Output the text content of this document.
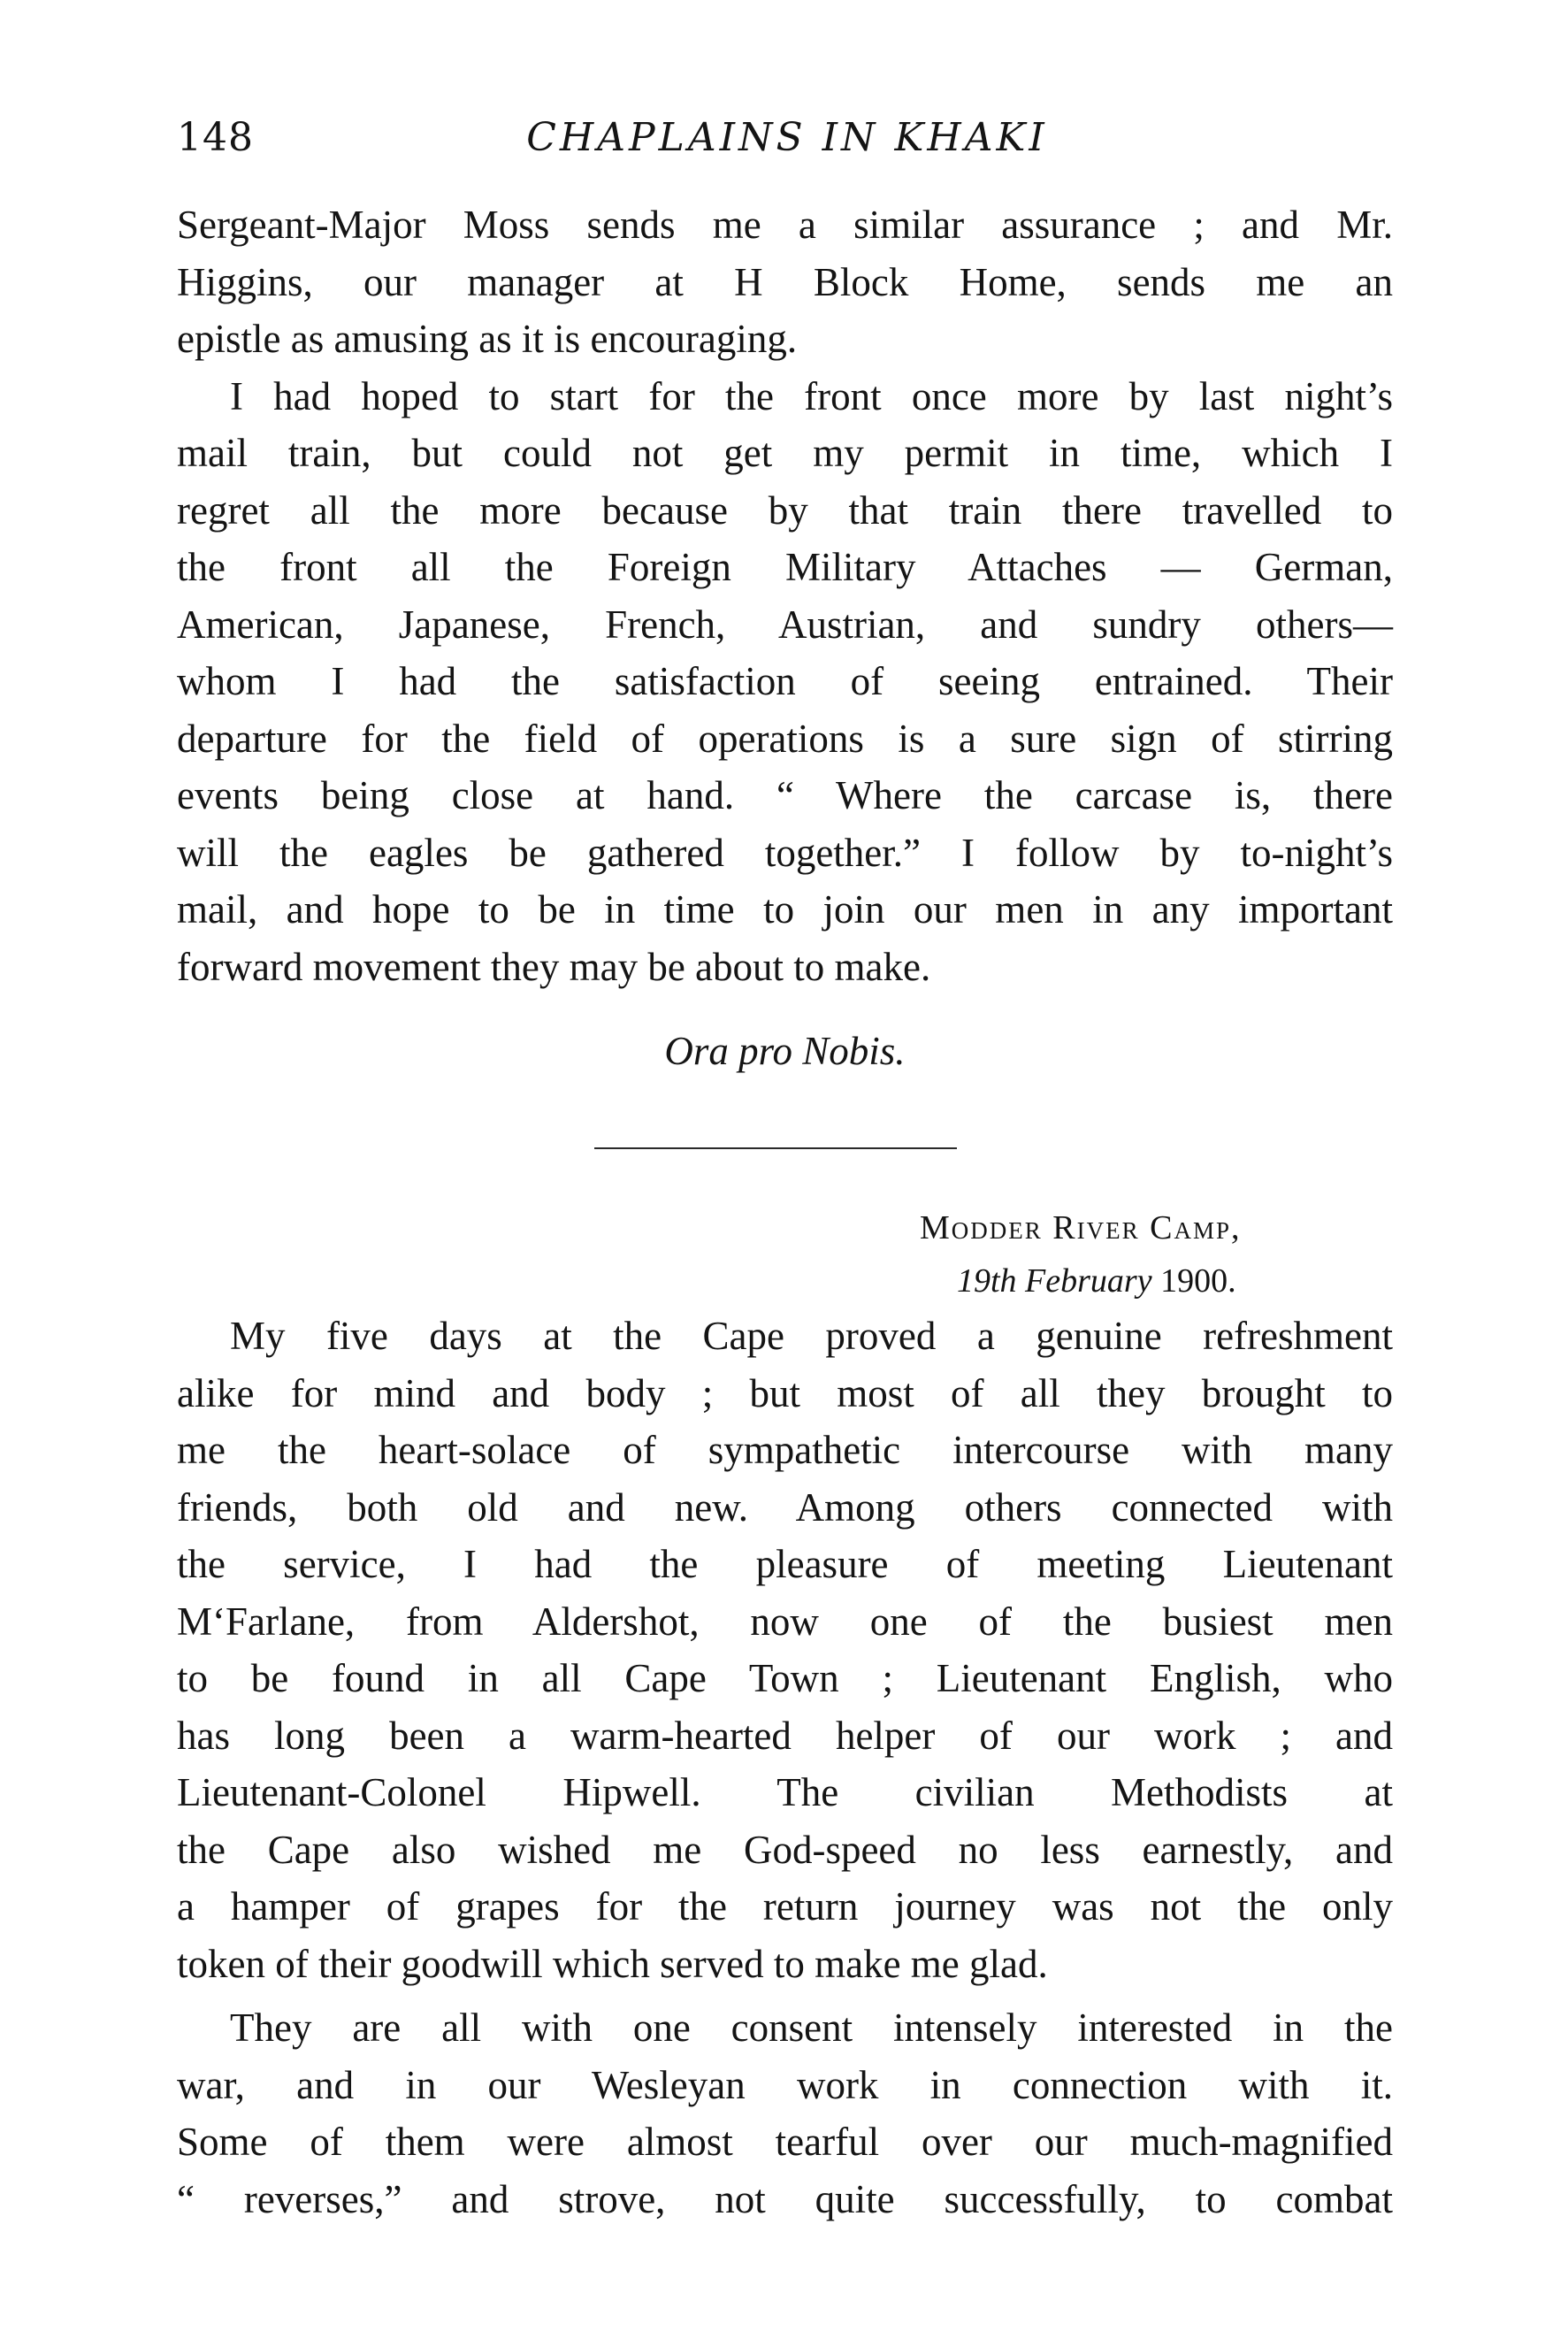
148	CHAPLAINS IN KHAKI
Sergeant-Major Moss sends me a similar assurance ; and Mr.
Higgins, our manager at H Block Home, sends me an
epistle as amusing as it is encouraging.
I had hoped to start for the front once more by last night’s
mail train, but could not get my permit in time, which I
regret all the more because by that train there travelled to
the front all the Foreign Military Attaches — German,
American, Japanese, French, Austrian, and sundry others—
whom I had the satisfaction of seeing entrained. Their
departure for the field of operations is a sure sign of stirring
events being close at hand. “ Where the carcase is, there
will the eagles be gathered together.” I follow by to-night’s
mail, and hope to be in time to join our men in any important
forward movement they may be about to make.
Ora pro Nobis.
Modder River Camp,
19th February 1900.
My five days at the Cape proved a genuine refreshment
alike for mind and body ; but most of all they brought to
me the heart-solace of sympathetic intercourse with many
friends, both old and new. Among others connected with
the service, I had the pleasure of meeting Lieutenant
M‘Farlane, from Aldershot, now one of the busiest men
to be found in all Cape Town ; Lieutenant English, who
has long been a warm-hearted helper of our work ; and
Lieutenant-Colonel Hipwell. The civilian Methodists at
the Cape also wished me God-speed no less earnestly, and
a hamper of grapes for the return journey was not the only
token of their goodwill which served to make me glad.
They are all with one consent intensely interested in the
war, and in our Wesleyan work in connection with it.
Some of them were almost tearful over our much-magnified
“ reverses,” and strove, not quite successfully, to combat
